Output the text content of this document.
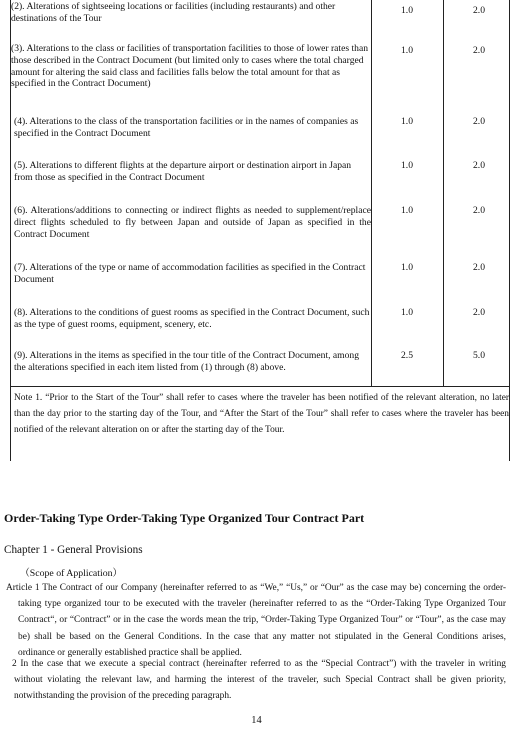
(2). Alterations of sightseeing locations or facilities (including restaurants) and other destinations of the Tour
1.0	2.0
(3). Alterations to the class or facilities of transportation facilities to those of lower rates than those described in the Contract Document (but limited only to cases where the total charged amount for altering the said class and facilities falls below the total amount for that as specified in the Contract Document)
1.0	2.0
(4). Alterations to the class of the transportation facilities or in the names of companies as specified in the Contract Document
1.0	2.0
(5). Alterations to different flights at the departure airport or destination airport in Japan from those as specified in the Contract Document
1.0	2.0
(6). Alterations/additions to connecting or indirect flights as needed to supplement/replace direct flights scheduled to fly between Japan and outside of Japan as specified in the Contract Document
1.0	2.0
(7). Alterations of the type or name of accommodation facilities as specified in the Contract Document
1.0	2.0
(8). Alterations to the conditions of guest rooms as specified in the Contract Document, such as the type of guest rooms, equipment, scenery, etc.
1.0	2.0
(9). Alterations in the items as specified in the tour title of the Contract Document, among the alterations specified in each item listed from (1) through (8) above.
2.5	5.0
Note 1. “Prior to the Start of the Tour” shall refer to cases where the traveler has been notified of the relevant alteration, no later than the day prior to the starting day of the Tour, and “After the Start of the Tour” shall refer to cases where the traveler has been notified of the relevant alteration on or after the starting day of the Tour.
Order-Taking Type Order-Taking Type Organized Tour Contract Part
Chapter 1 - General Provisions
（Scope of Application）
Article 1 The Contract of our Company (hereinafter referred to as “We,” “Us,” or “Our” as the case may be) concerning the order-taking type organized tour to be executed with the traveler (hereinafter referred to as the “Order-Taking Type Organized Tour Contract“, or “Contract” or in the case the words mean the trip, “Order-Taking Type Organized Tour” or “Tour”, as the case may be) shall be based on the General Conditions. In the case that any matter not stipulated in the General Conditions arises, ordinance or generally established practice shall be applied.
2 In the case that we execute a special contract (hereinafter referred to as the “Special Contract”) with the traveler in writing without violating the relevant law, and harming the interest of the traveler, such Special Contract shall be given priority, notwithstanding the provision of the preceding paragraph.
14
